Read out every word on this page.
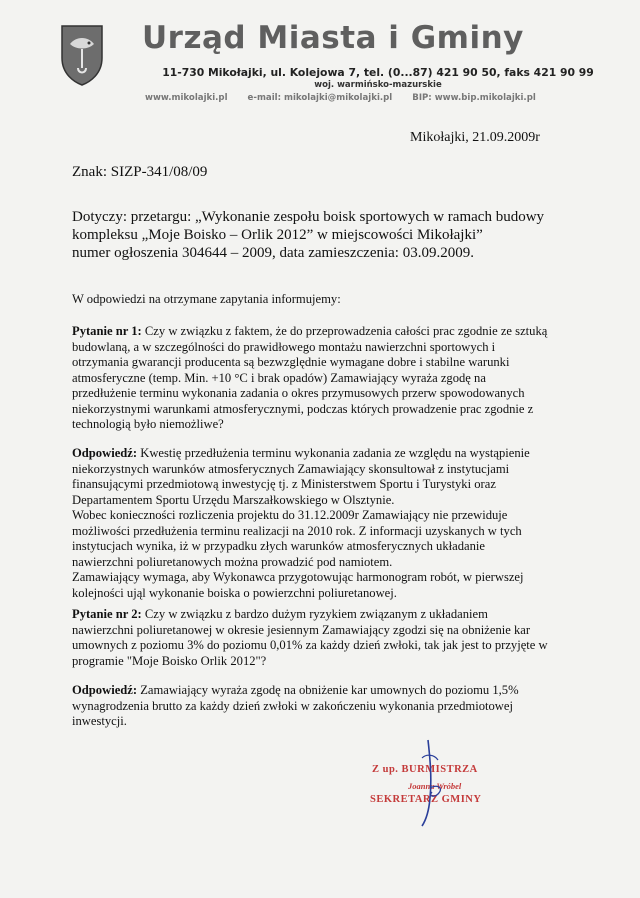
Urząd Miasta i Gminy
11-730 Mikołajki, ul. Kolejowa 7, tel. (0...87) 421 90 50, faks 421 90 99
woj. warmińsko-mazurskie
www.mikolajki.pl e-mail: mikolajki@mikolajki.pl BIP: www.bip.mikolajki.pl
Mikołajki, 21.09.2009r
Znak: SIZP-341/08/09
Dotyczy: przetargu: „Wykonanie zespołu boisk sportowych w ramach budowy
kompleksu „Moje Boisko – Orlik 2012” w miejscowości Mikołajki”
numer ogłoszenia 304644 – 2009, data zamieszczenia: 03.09.2009.
W odpowiedzi na otrzymane zapytania informujemy:
Pytanie nr 1: Czy w związku z faktem, że do przeprowadzenia całości prac zgodnie ze sztuką
budowlaną, a w szczególności do prawidłowego montażu nawierzchni sportowych i
otrzymania gwarancji producenta są bezwzględnie wymagane dobre i stabilne warunki
atmosferyczne (temp. Min. +10 °C i brak opadów) Zamawiający wyraża zgodę na
przedłużenie terminu wykonania zadania o okres przymusowych przerw spowodowanych
niekorzystnymi warunkami atmosferycznymi, podczas których prowadzenie prac zgodnie z
technologią było niemożliwe?
Odpowiedź: Kwestię przedłużenia terminu wykonania zadania ze względu na wystąpienie
niekorzystnych warunków atmosferycznych Zamawiający skonsultował z instytucjami
finansującymi przedmiotową inwestycję tj. z Ministerstwem Sportu i Turystyki oraz
Departamentem Sportu Urzędu Marszałkowskiego w Olsztynie.
Wobec konieczności rozliczenia projektu do 31.12.2009r Zamawiający nie przewiduje
możliwości przedłużenia terminu realizacji na 2010 rok. Z informacji uzyskanych w tych
instytucjach wynika, iż w przypadku złych warunków atmosferycznych układanie
nawierzchni poliuretanowych można prowadzić pod namiotem.
Zamawiający wymaga, aby Wykonawca przygotowując harmonogram robót, w pierwszej
kolejności ująl wykonanie boiska o powierzchni poliuretanowej.
Pytanie nr 2: Czy w związku z bardzo dużym ryzykiem związanym z układaniem
nawierzchni poliuretanowej w okresie jesiennym Zamawiający zgodzi się na obniżenie kar
umownych z poziomu 3% do poziomu 0,01% za każdy dzień zwłoki, tak jak jest to przyjęte w
programie "Moje Boisko Orlik 2012"?
Odpowiedź: Zamawiający wyraża zgodę na obniżenie kar umownych do poziomu 1,5%
wynagrodzenia brutto za każdy dzień zwłoki w zakończeniu wykonania przedmiotowej
inwestycji.
Z up. BURMISTRZA
Joanna Wróbel
SEKRETARZ GMINY
